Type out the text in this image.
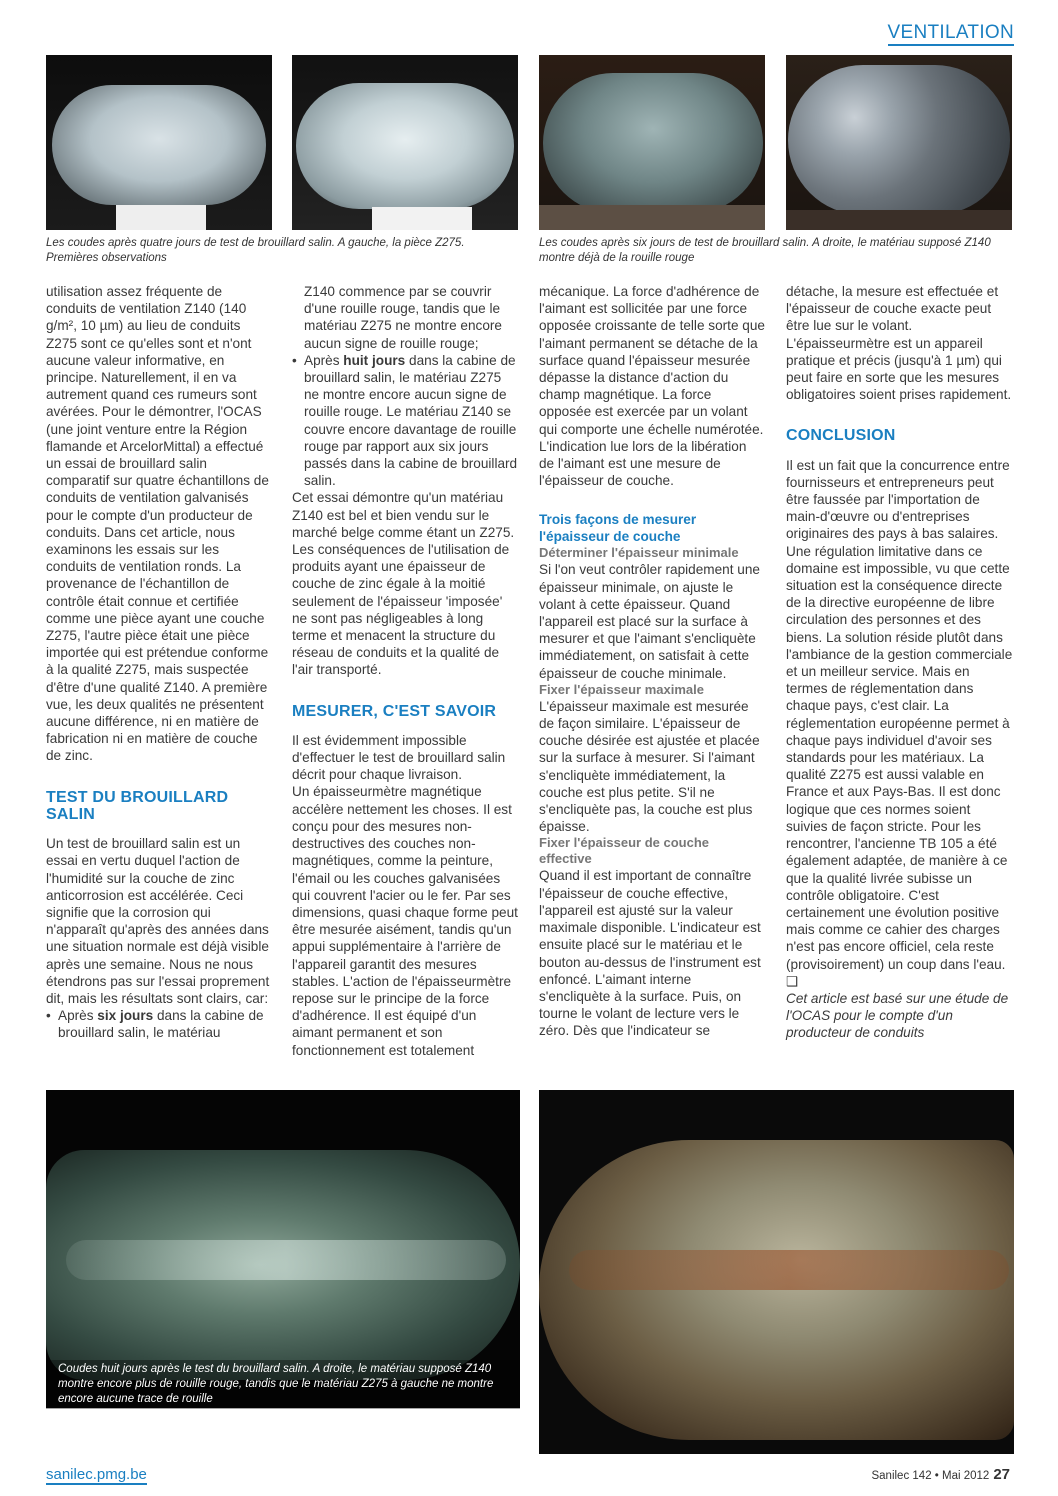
VENTILATION
Les coudes après quatre jours de test de brouillard salin. A gauche, la pièce Z275. Premières observations
Les coudes après six jours de test de brouillard salin. A droite, le matériau supposé Z140 montre déjà de la rouille rouge

utilisation assez fréquente de conduits de ventilation Z140 (140 g/m², 10 µm) au lieu de conduits Z275 sont ce qu'elles sont et n'ont aucune valeur informative, en principe. Naturellement, il en va autrement quand ces rumeurs sont avérées. Pour le démontrer, l'OCAS (une joint venture entre la Région flamande et ArcelorMittal) a effectué un essai de brouillard salin comparatif sur quatre échantillons de conduits de ventilation galvanisés pour le compte d'un producteur de conduits. Dans cet article, nous examinons les essais sur les conduits de ventilation ronds. La provenance de l'échantillon de contrôle était connue et certifiée comme une pièce ayant une couche Z275, l'autre pièce était une pièce importée qui est prétendue conforme à la qualité Z275, mais suspectée d'être d'une qualité Z140. A première vue, les deux qualités ne présentent aucune différence, ni en matière de fabrication ni en matière de couche de zinc.

TEST DU BROUILLARD SALIN

Un test de brouillard salin est un essai en vertu duquel l'action de l'humidité sur la couche de zinc anticorrosion est accélérée. Ceci signifie que la corrosion qui n'apparaît qu'après des années dans une situation normale est déjà visible après une semaine. Nous ne nous étendrons pas sur l'essai proprement dit, mais les résultats sont clairs, car:

• Après six jours dans la cabine de brouillard salin, le matériau

Z140 commence par se couvrir d'une rouille rouge, tandis que le matériau Z275 ne montre encore aucun signe de rouille rouge;

• Après huit jours dans la cabine de brouillard salin, le matériau Z275 ne montre encore aucun signe de rouille rouge. Le matériau Z140 se couvre encore davantage de rouille rouge par rapport aux six jours passés dans la cabine de brouillard salin.

Cet essai démontre qu'un matériau Z140 est bel et bien vendu sur le marché belge comme étant un Z275. Les conséquences de l'utilisation de produits ayant une épaisseur de couche de zinc égale à la moitié seulement de l'épaisseur 'imposée' ne sont pas négligeables à long terme et menacent la structure du réseau de conduits et la qualité de l'air transporté.

MESURER, C'EST SAVOIR

Il est évidemment impossible d'effectuer le test de brouillard salin décrit pour chaque livraison.

Un épaisseurmètre magnétique accélère nettement les choses. Il est conçu pour des mesures non-destructives des couches non-magnétiques, comme la peinture, l'émail ou les couches galvanisées qui couvrent l'acier ou le fer. Par ses dimensions, quasi chaque forme peut être mesurée aisément, tandis qu'un appui supplémentaire à l'arrière de l'appareil garantit des mesures stables. L'action de l'épaisseurmètre repose sur le principe de la force d'adhérence. Il est équipé d'un aimant permanent et son fonctionnement est totalement

mécanique. La force d'adhérence de l'aimant est sollicitée par une force opposée croissante de telle sorte que l'aimant permanent se détache de la surface quand l'épaisseur mesurée dépasse la distance d'action du champ magnétique. La force opposée est exercée par un volant qui comporte une échelle numérotée. L'indication lue lors de la libération de l'aimant est une mesure de l'épaisseur de couche.

Trois façons de mesurer l'épaisseur de couche
Déterminer l'épaisseur minimale

Si l'on veut contrôler rapidement une épaisseur minimale, on ajuste le volant à cette épaisseur. Quand l'appareil est placé sur la surface à mesurer et que l'aimant s'encliquète immédiatement, on satisfait à cette épaisseur de couche minimale.

Fixer l'épaisseur maximale

L'épaisseur maximale est mesurée de façon similaire. L'épaisseur de couche désirée est ajustée et placée sur la surface à mesurer. Si l'aimant s'encliquète immédiatement, la couche est plus petite. S'il ne s'encliquète pas, la couche est plus épaisse.

Fixer l'épaisseur de couche effective

Quand il est important de connaître l'épaisseur de couche effective, l'appareil est ajusté sur la valeur maximale disponible. L'indicateur est ensuite placé sur le matériau et le bouton au-dessus de l'instrument est enfoncé. L'aimant interne s'encliquète à la surface. Puis, on tourne le volant de lecture vers le zéro. Dès que l'indicateur se

détache, la mesure est effectuée et l'épaisseur de couche exacte peut être lue sur le volant. L'épaisseurmètre est un appareil pratique et précis (jusqu'à 1 µm) qui peut faire en sorte que les mesures obligatoires soient prises rapidement.

CONCLUSION

Il est un fait que la concurrence entre fournisseurs et entrepreneurs peut être faussée par l'importation de main-d'œuvre ou d'entreprises originaires des pays à bas salaires. Une régulation limitative dans ce domaine est impossible, vu que cette situation est la conséquence directe de la directive européenne de libre circulation des personnes et des biens. La solution réside plutôt dans l'ambiance de la gestion commerciale et un meilleur service. Mais en termes de réglementation dans chaque pays, c'est clair. La réglementation européenne permet à chaque pays individuel d'avoir ses standards pour les matériaux. La qualité Z275 est aussi valable en France et aux Pays-Bas. Il est donc logique que ces normes soient suivies de façon stricte. Pour les rencontrer, l'ancienne TB 105 a été également adaptée, de manière à ce que la qualité livrée subisse un contrôle obligatoire. C'est certainement une évolution positive mais comme ce cahier des charges n'est pas encore officiel, cela reste (provisoirement) un coup dans l'eau. ❑

Cet article est basé sur une étude de l'OCAS pour le compte d'un producteur de conduits

Coudes huit jours après le test du brouillard salin. A droite, le matériau supposé Z140 montre encore plus de rouille rouge, tandis que le matériau Z275 à gauche ne montre encore aucune trace de rouille
sanilec.pmg.be	Sanilec 142 • Mai 2012 27
